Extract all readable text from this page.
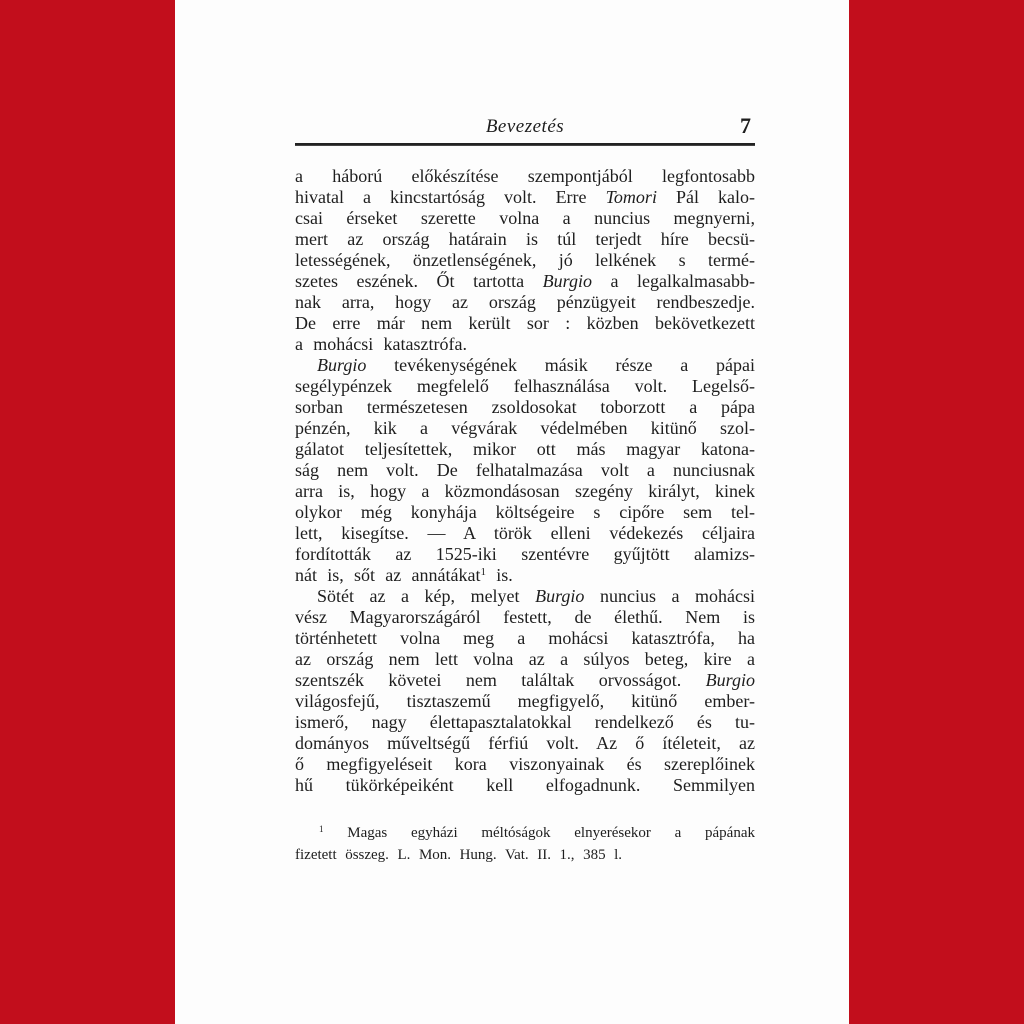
Bevezetés	7
a háború előkészítése szempontjából legfontosabb
hivatal a kincstartóság volt. Erre Tomori Pál kalo-
csai érseket szerette volna a nuncius megnyerni,
mert az ország határain is túl terjedt híre becsü-
letességének, önzetlenségének, jó lelkének s termé-
szetes eszének. Őt tartotta Burgio a legalkalmasabb-
nak arra, hogy az ország pénzügyeit rendbeszedje.
De erre már nem került sor : közben bekövetkezett
a mohácsi katasztrófa.
Burgio tevékenységének másik része a pápai
segélypénzek megfelelő felhasználása volt. Legelső-
sorban természetesen zsoldosokat toborzott a pápa
pénzén, kik a végvárak védelmében kitünő szol-
gálatot teljesítettek, mikor ott más magyar katona-
ság nem volt. De felhatalmazása volt a nunciusnak
arra is, hogy a közmondásosan szegény királyt, kinek
olykor még konyhája költségeire s cipőre sem tel-
lett, kisegítse. — A török elleni védekezés céljaira
fordították az 1525-iki szentévre gyűjtött alamizs-
nát is, sőt az annátákat$^1$ is.
Sötét az a kép, melyet Burgio nuncius a mohácsi
vész Magyarországáról festett, de élethű. Nem is
történhetett volna meg a mohácsi katasztrófa, ha
az ország nem lett volna az a súlyos beteg, kire a
szentszék követei nem találtak orvosságot. Burgio
világosfejű, tisztaszemű megfigyelő, kitünő ember-
ismerő, nagy élettapasztalatokkal rendelkező és tu-
dományos műveltségű férfiú volt. Az ő ítéleteit, az
ő megfigyeléseit kora viszonyainak és szereplőinek
hű tükörképeiként kell elfogadnunk. Semmilyen
$^1$ Magas egyházi méltóságok elnyerésekor a pápának
fizetett összeg. L. Mon. Hung. Vat. II. 1., 385 l.
